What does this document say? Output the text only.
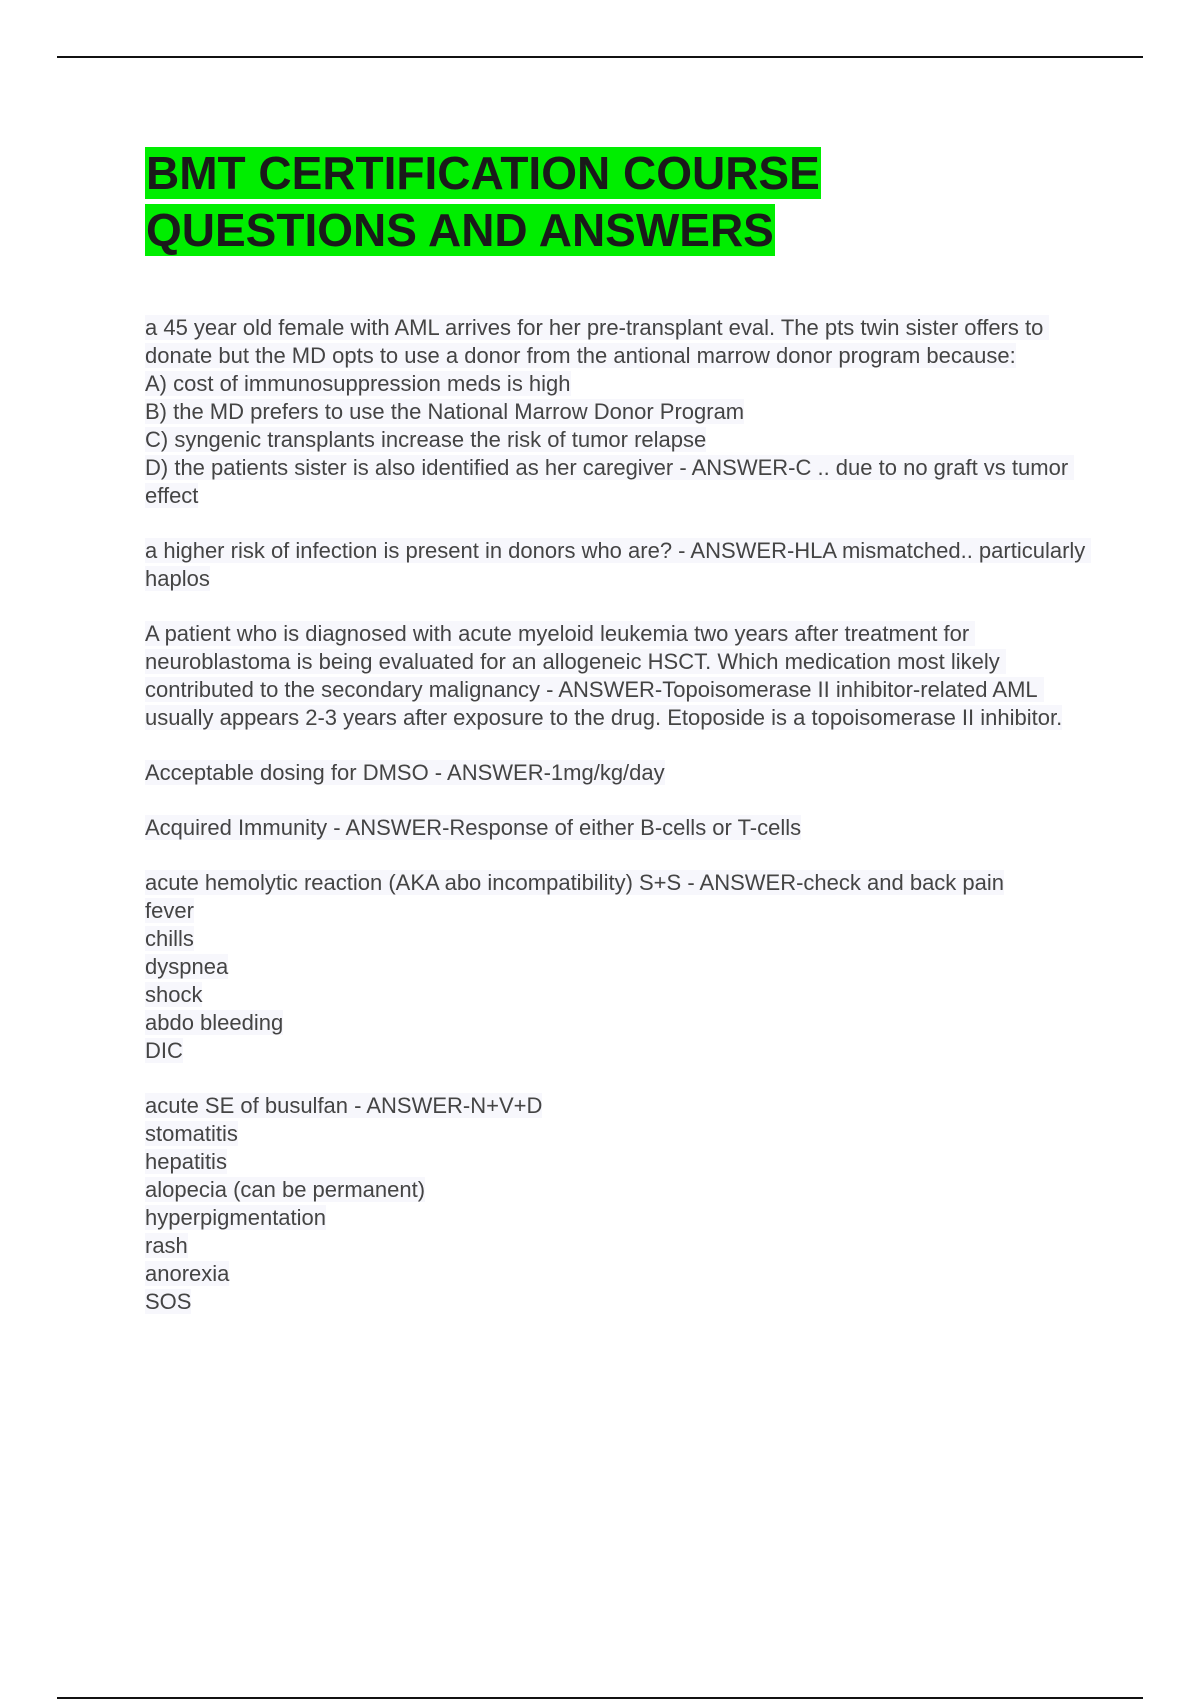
BMT CERTIFICATION COURSE QUESTIONS AND ANSWERS
a 45 year old female with AML arrives for her pre-transplant eval. The pts twin sister offers to donate but the MD opts to use a donor from the antional marrow donor program because:
A) cost of immunosuppression meds is high
B) the MD prefers to use the National Marrow Donor Program
C) syngenic transplants increase the risk of tumor relapse
D) the patients sister is also identified as her caregiver - ANSWER-C .. due to no graft vs tumor effect
a higher risk of infection is present in donors who are? - ANSWER-HLA mismatched.. particularly haplos
A patient who is diagnosed with acute myeloid leukemia two years after treatment for neuroblastoma is being evaluated for an allogeneic HSCT. Which medication most likely contributed to the secondary malignancy - ANSWER-Topoisomerase II inhibitor-related AML usually appears 2-3 years after exposure to the drug. Etoposide is a topoisomerase II inhibitor.
Acceptable dosing for DMSO - ANSWER-1mg/kg/day
Acquired Immunity - ANSWER-Response of either B-cells or T-cells
acute hemolytic reaction (AKA abo incompatibility) S+S - ANSWER-check and back pain
fever
chills
dyspnea
shock
abdo bleeding
DIC
acute SE of busulfan - ANSWER-N+V+D
stomatitis
hepatitis
alopecia (can be permanent)
hyperpigmentation
rash
anorexia
SOS
